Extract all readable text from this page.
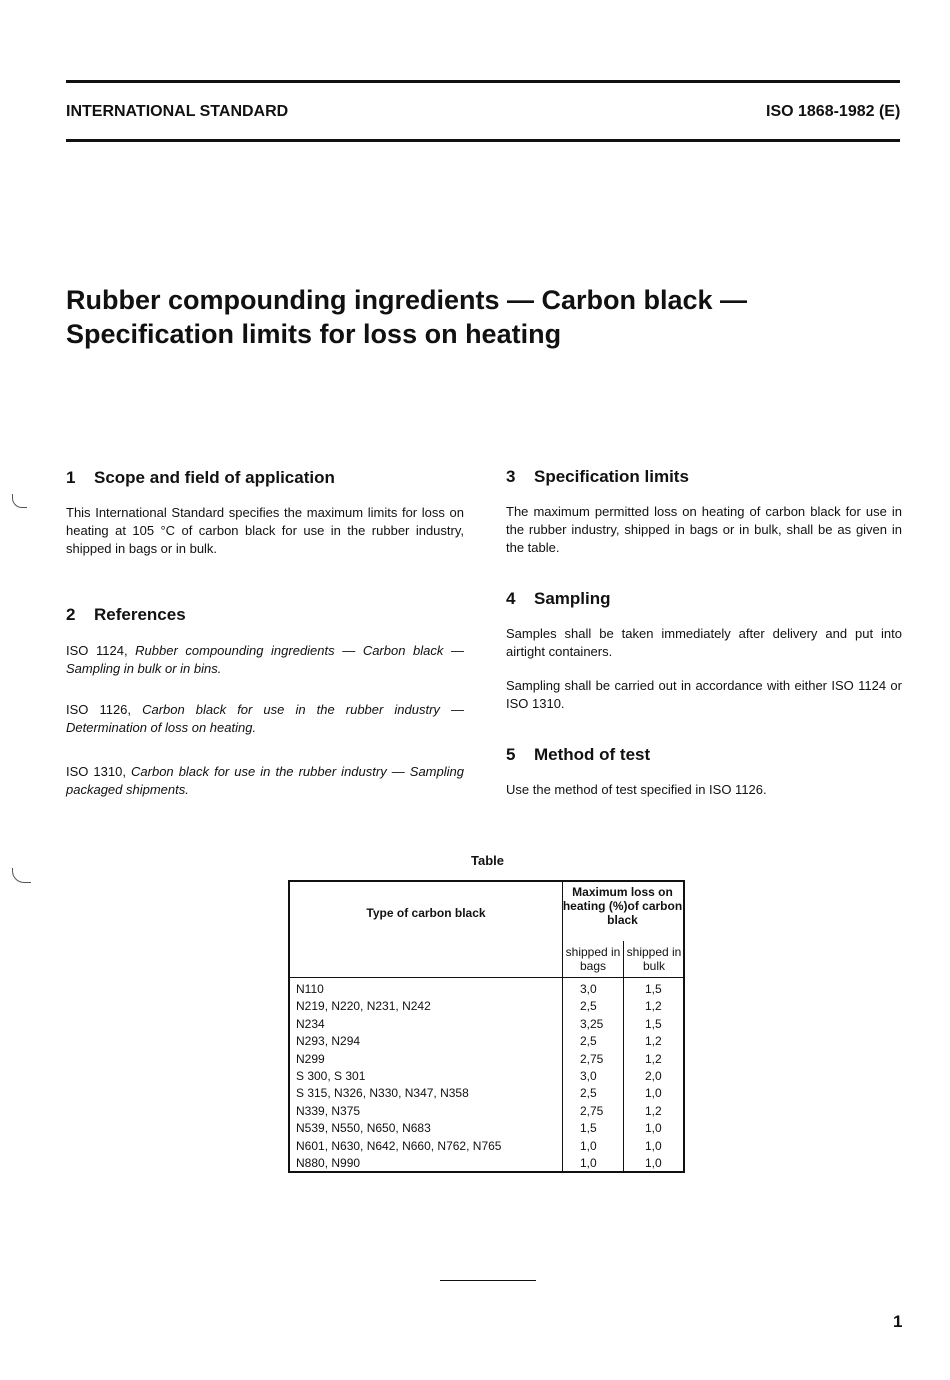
INTERNATIONAL STANDARD	ISO 1868-1982 (E)
Rubber compounding ingredients — Carbon black —
Specification limits for loss on heating

1 Scope and field of application

This International Standard specifies the maximum limits for loss on heating at 105 °C of carbon black for use in the rubber industry, shipped in bags or in bulk.

2 References

ISO 1124, Rubber compounding ingredients — Carbon black — Sampling in bulk or in bins.

ISO 1126, Carbon black for use in the rubber industry — Determination of loss on heating.

ISO 1310, Carbon black for use in the rubber industry — Sampling packaged shipments.

3 Specification limits

The maximum permitted loss on heating of carbon black for use in the rubber industry, shipped in bags or in bulk, shall be as given in the table.

4 Sampling

Samples shall be taken immediately after delivery and put into airtight containers.

Sampling shall be carried out in accordance with either ISO 1124 or ISO 1310.

5 Method of test

Use the method of test specified in ISO 1126.

Table
Type of carbon black
Maximum loss on heating (%)of carbon black
shipped in bags
shipped in bulk
N110	3,0	1,5
N219, N220, N231, N242	2,5	1,2
N234	3,25	1,5
N293, N294	2,5	1,2
N299	2,75	1,2
S 300, S 301	3,0	2,0
S 315, N326, N330, N347, N358	2,5	1,0
N339, N375	2,75	1,2
N539, N550, N650, N683	1,5	1,0
N601, N630, N642, N660, N762, N765	1,0	1,0
N880, N990	1,0	1,0
1
